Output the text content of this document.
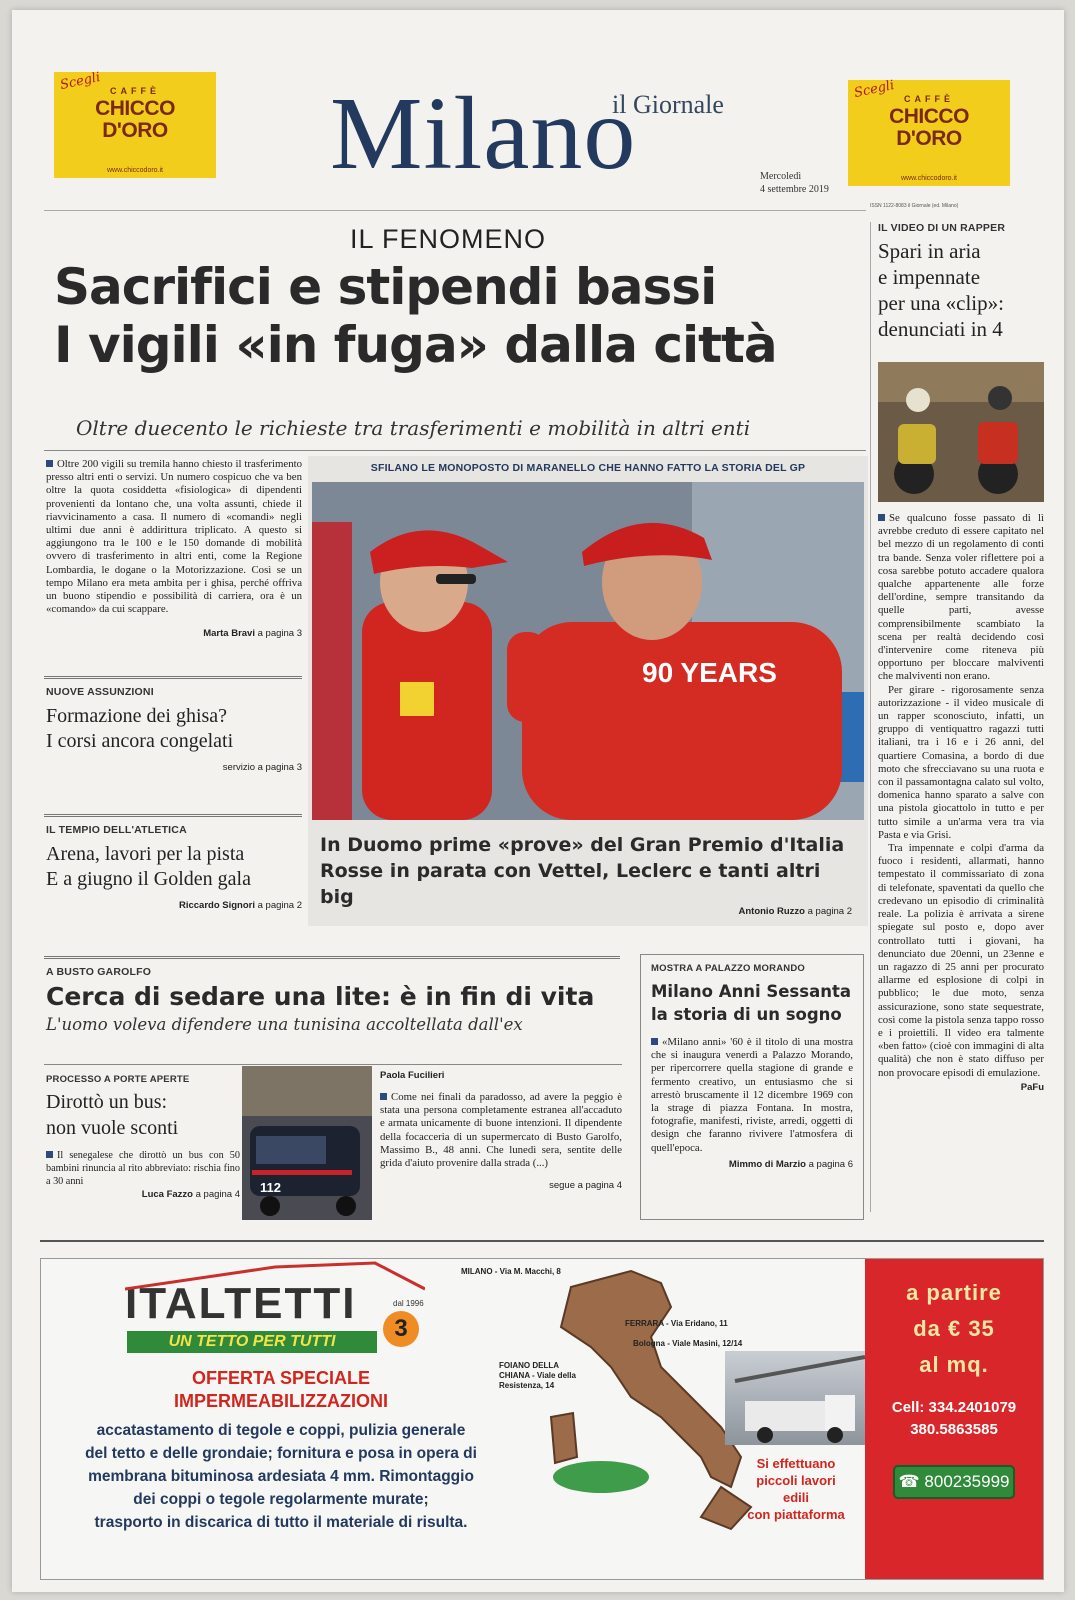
Scegli CAFFÈ
CHICCO
D'ORO
www.chiccodoro.it
Scegli CAFFÈ
CHICCO
D'ORO
www.chiccodoro.it
il Giornale
Milano	Mercoledì
4 settembre 2019
ISSN 1122-8083 il Giornale (ed. Milano)
IL FENOMENO
Sacrifici e stipendi bassi
I vigili «in fuga» dalla città
Oltre duecento le richieste tra trasferimenti e mobilità in altri enti
Oltre 200 vigili su tremila hanno chiesto il trasferimento presso altri enti o servizi. Un numero cospicuo che va ben oltre la quota cosiddetta «fisiologica» di dipendenti provenienti da lontano che, una volta assunti, chiede il riavvicinamento a casa. Il numero di «comandi» negli ultimi due anni è addirittura triplicato. A questo si aggiungono tra le 100 e le 150 domande di mobilità ovvero di trasferimento in altri enti, come la Regione Lombardia, le dogane o la Motorizzazione. Così se un tempo Milano era meta ambita per i ghisa, perché offriva un buono stipendio e possibilità di carriera, ora è un «comando» da cui scappare.
Marta Bravi a pagina 3
NUOVE ASSUNZIONI
Formazione dei ghisa?
I corsi ancora congelati
servizio a pagina 3
IL TEMPIO DELL'ATLETICA
Arena, lavori per la pista
E a giugno il Golden gala
Riccardo Signori a pagina 2
SFILANO LE MONOPOSTO DI MARANELLO CHE HANNO FATTO LA STORIA DEL GP
90 YEARS
In Duomo prime «prove» del Gran Premio d'Italia
Rosse in parata con Vettel, Leclerc e tanti altri big
Antonio Ruzzo a pagina 2
IL VIDEO DI UN RAPPER
Spari in aria
e impennate
per una «clip»:
denunciati in 4
Se qualcuno fosse passato di lì avrebbe creduto di essere capitato nel bel mezzo di un regolamento di conti tra bande. Senza voler riflettere poi a cosa sarebbe potuto accadere qualora qualche appartenente alle forze dell'ordine, sempre transitando da quelle parti, avesse comprensibilmente scambiato la scena per realtà decidendo così d'intervenire come riteneva più opportuno per bloccare malviventi che malviventi non erano.
Per girare - rigorosamente senza autorizzazione - il video musicale di un rapper sconosciuto, infatti, un gruppo di ventiquattro ragazzi tutti italiani, tra i 16 e i 26 anni, del quartiere Comasina, a bordo di due moto che sfrecciavano su una ruota e con il passamontagna calato sul volto, domenica hanno sparato a salve con una pistola giocattolo in tutto e per tutto simile a un'arma vera tra via Pasta e via Grisi.
Tra impennate e colpi d'arma da fuoco i residenti, allarmati, hanno tempestato il commissariato di zona di telefonate, spaventati da quello che credevano un episodio di criminalità reale. La polizia è arrivata a sirene spiegate sul posto e, dopo aver controllato tutti i giovani, ha denunciato due 20enni, un 23enne e un ragazzo di 25 anni per procurato allarme ed esplosione di colpi in pubblico; le due moto, senza assicurazione, sono state sequestrate, così come la pistola senza tappo rosso e i proiettili. Il video era talmente «ben fatto» (cioè con immagini di alta qualità) che non è stato diffuso per non provocare episodi di emulazione.
PaFu
A BUSTO GAROLFO
Cerca di sedare una lite: è in fin di vita
L'uomo voleva difendere una tunisina accoltellata dall'ex
PROCESSO A PORTE APERTE
Dirottò un bus:
non vuole sconti
Il senegalese che dirottò un bus con 50 bambini rinuncia al rito abbreviato: rischia fino a 30 anni
Luca Fazzo a pagina 4 112
Paola Fucilieri
Come nei finali da paradosso, ad avere la peggio è stata una persona completamente estranea all'accaduto e armata unicamente di buone intenzioni. Il dipendente della focacceria di un supermercato di Busto Garolfo, Massimo B., 48 anni. Che lunedì sera, sentite delle grida d'aiuto provenire dalla strada (...)
segue a pagina 4
MOSTRA A PALAZZO MORANDO
Milano Anni Sessanta
la storia di un sogno
«Milano anni» '60 è il titolo di una mostra che si inaugura venerdì a Palazzo Morando, per ripercorrere quella stagione di grande e fermento creativo, un entusiasmo che si arrestò bruscamente il 12 dicembre 1969 con la strage di piazza Fontana. In mostra, fotografie, manifesti, riviste, arredi, oggetti di design che faranno rivivere l'atmosfera di quell'epoca.
Mimmo di Marzio a pagina 6
ITALTETTI	dal 1996
3
UN TETTO PER TUTTI
OFFERTA SPECIALE
IMPERMEABILIZZAZIONI
accatastamento di tegole e coppi, pulizia generale
del tetto e delle grondaie; fornitura e posa in opera di
membrana bituminosa ardesiata 4 mm. Rimontaggio
dei coppi o tegole regolarmente murate;
trasporto in discarica di tutto il materiale di risulta.
MILANO - Via M. Macchi, 8
FERRARA - Via Eridano, 11
Bologna - Viale Masini, 12/14
FOIANO DELLA
CHIANA - Viale della
Resistenza, 14
Si effettuano
piccoli lavori
edili
con piattaforma
a partire
da € 35
al mq.
Cell: 334.2401079
380.5863585
☎ 800235999
